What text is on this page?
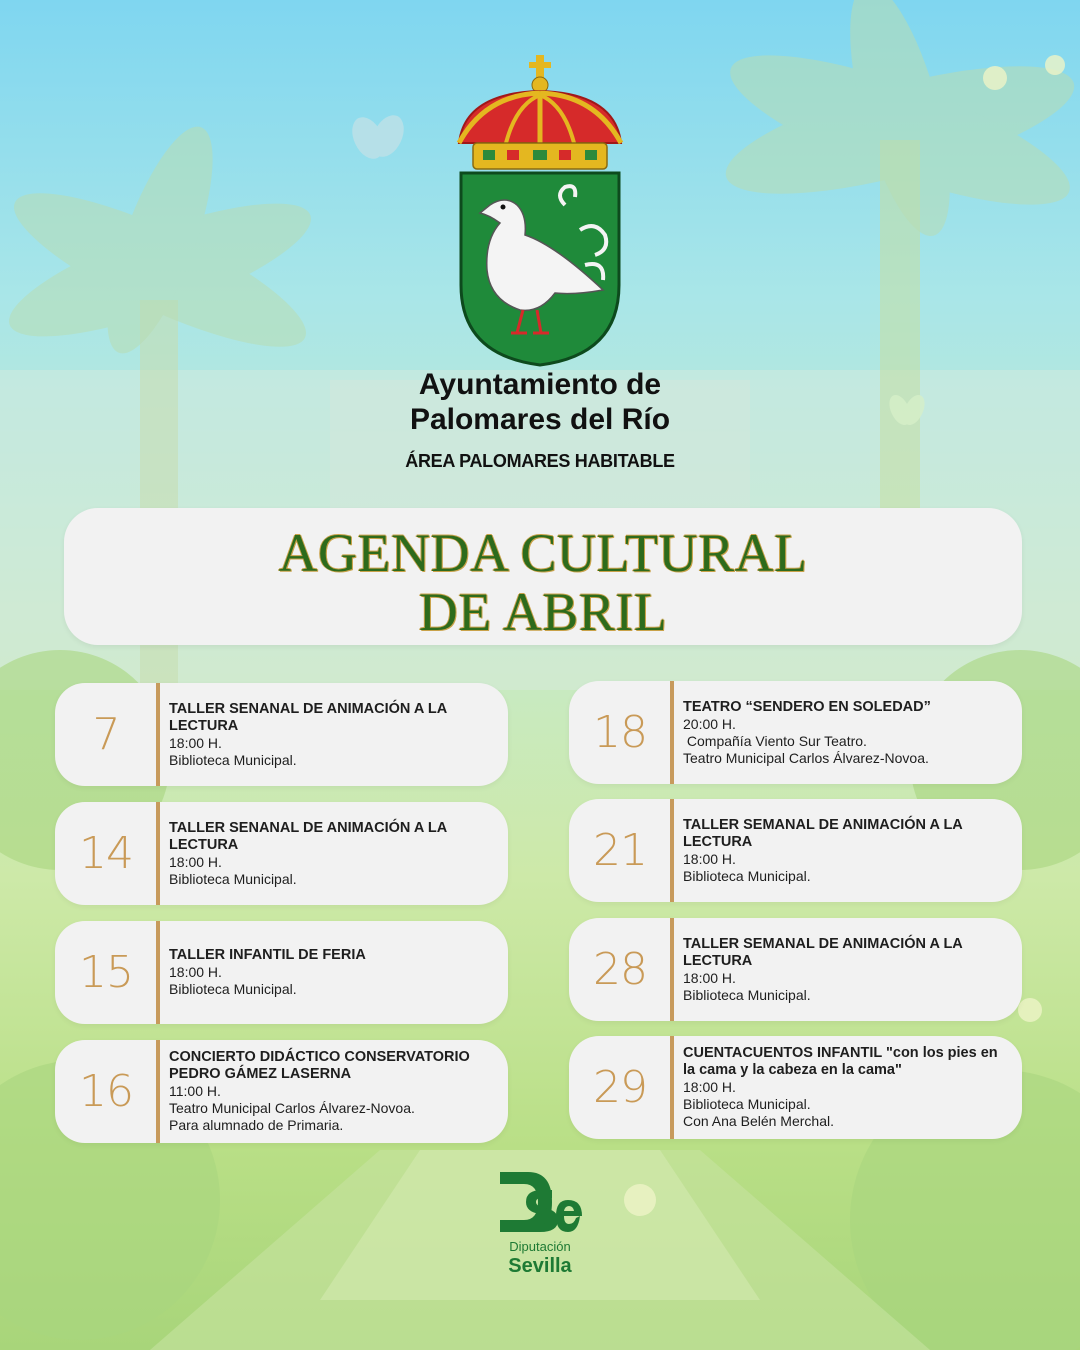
Ayuntamiento de
Palomares del Río
ÁREA PALOMARES HABITABLE
AGENDA CULTURAL
DE ABRIL
7
TALLER SENANAL DE ANIMACIÓN A LA LECTURA
18:00 H.
Biblioteca Municipal.
14
TALLER SENANAL DE ANIMACIÓN A LA LECTURA
18:00 H.
Biblioteca Municipal.
15	TALLER INFANTIL DE FERIA
18:00 H.
Biblioteca Municipal.
16
CONCIERTO DIDÁCTICO CONSERVATORIO PEDRO GÁMEZ LASERNA
11:00 H.
Teatro Municipal Carlos Álvarez-Novoa.
Para alumnado de Primaria.
18
TEATRO “SENDERO EN SOLEDAD”
20:00 H.
Compañía Viento Sur Teatro.
Teatro Municipal Carlos Álvarez-Novoa.
21
TALLER SEMANAL DE ANIMACIÓN A LA LECTURA
18:00 H.
Biblioteca Municipal.
28
TALLER SEMANAL DE ANIMACIÓN A LA LECTURA
18:00 H.
Biblioteca Municipal.
29
CUENTACUENTOS INFANTIL "con los pies en la cama y la cabeza en la cama"
18:00 H.
Biblioteca Municipal.
Con Ana Belén Merchal.
Diputación
Sevilla
